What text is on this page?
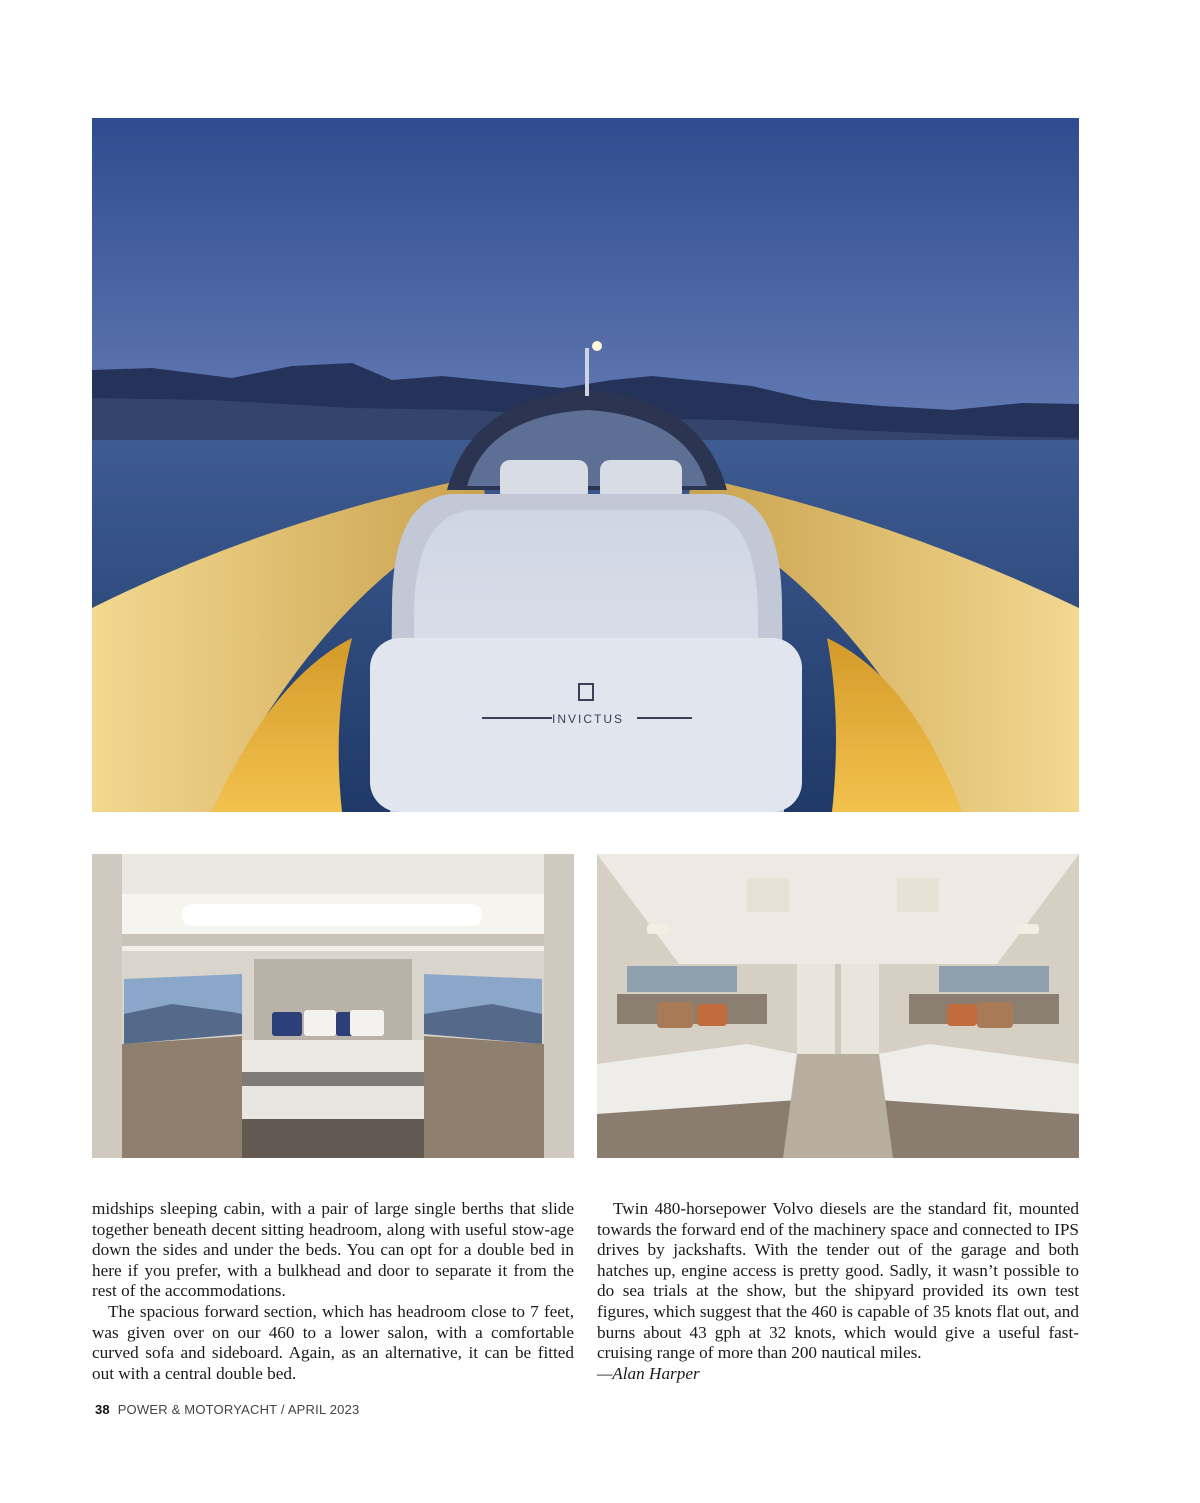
INVICTUS

midships sleeping cabin, with a pair of large single berths that slide together beneath decent sitting headroom, along with useful stow-age down the sides and under the beds. You can opt for a double bed in here if you prefer, with a bulkhead and door to separate it from the rest of the accommodations.

The spacious forward section, which has headroom close to 7 feet, was given over on our 460 to a lower salon, with a comfortable curved sofa and sideboard. Again, as an alternative, it can be fitted out with a central double bed.

Twin 480-horsepower Volvo diesels are the standard fit, mounted towards the forward end of the machinery space and connected to IPS drives by jackshafts. With the tender out of the garage and both hatches up, engine access is pretty good. Sadly, it wasn’t possible to do sea trials at the show, but the shipyard provided its own test figures, which suggest that the 460 is capable of 35 knots flat out, and burns about 43 gph at 32 knots, which would give a useful fast-cruising range of more than 200 nautical miles.

—Alan Harper

38 POWER & MOTORYACHT / APRIL 2023
